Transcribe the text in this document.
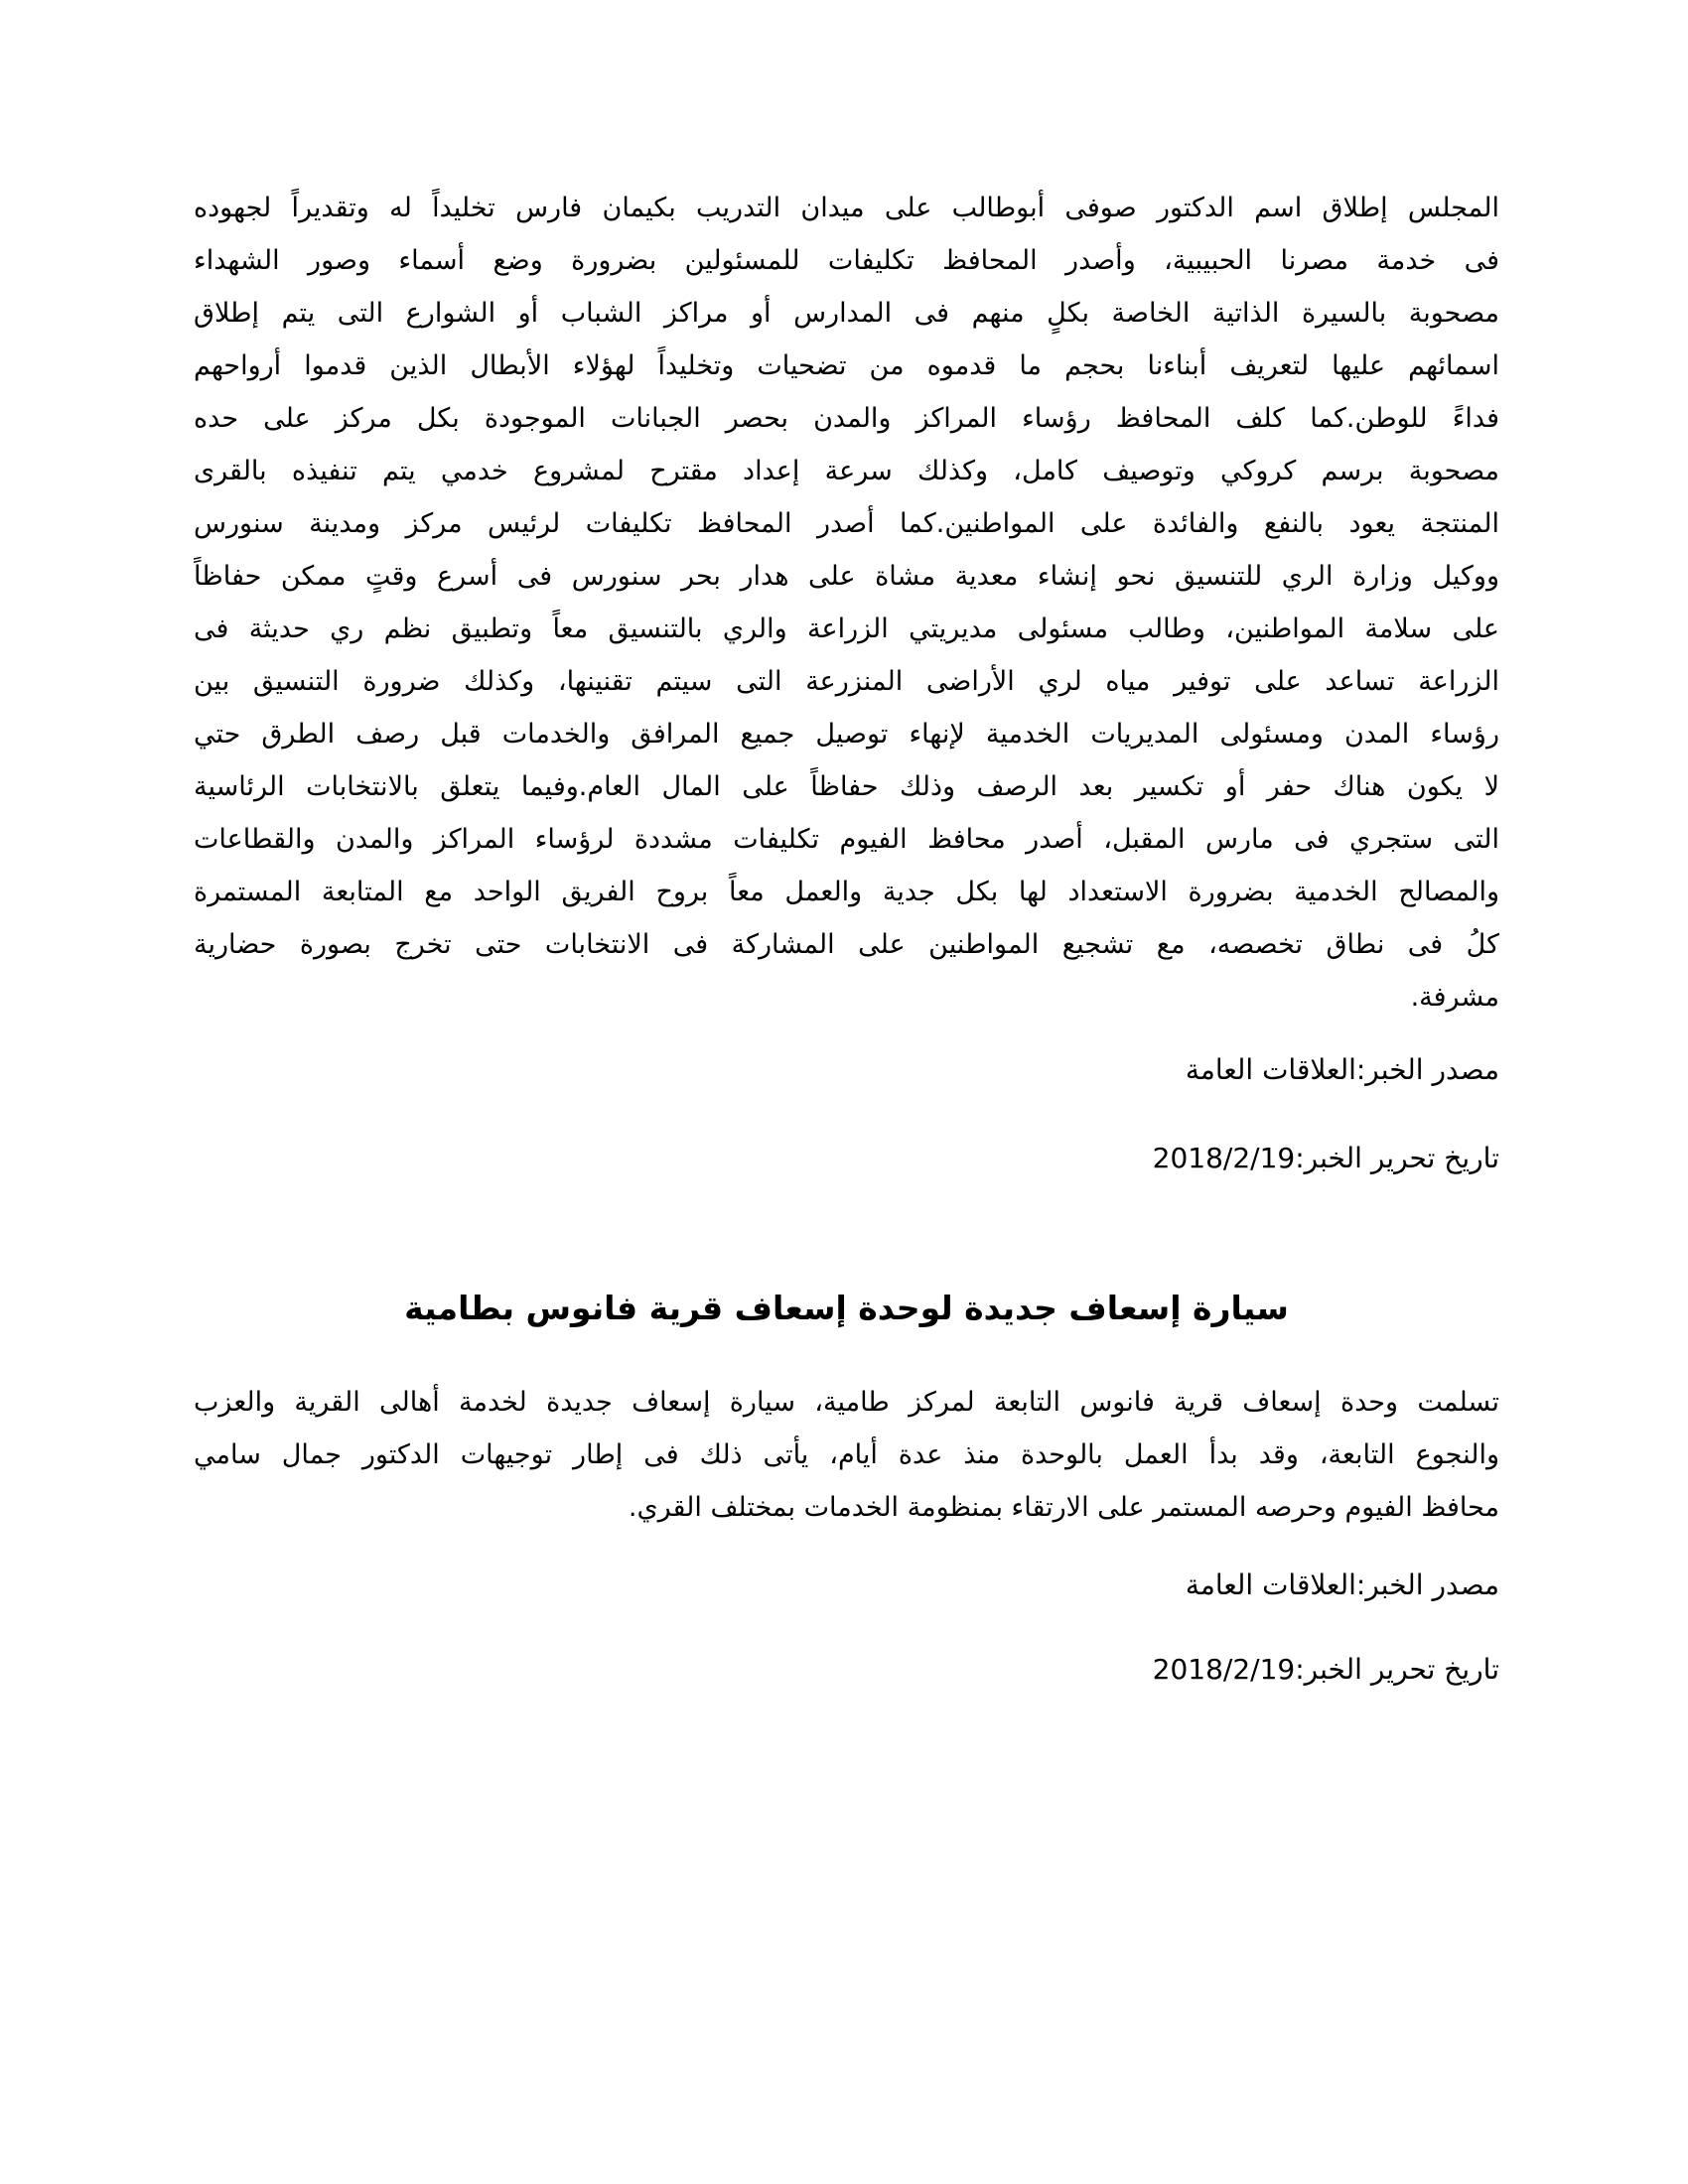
المجلس إطلاق اسم الدكتور صوفى أبوطالب على ميدان التدريب بكيمان فارس تخليداً له وتقديراً لجهوده
فى خدمة مصرنا الحبيبية، وأصدر المحافظ تكليفات للمسئولين بضرورة وضع أسماء وصور الشهداء
مصحوبة بالسيرة الذاتية الخاصة بكلٍ منهم فى المدارس أو مراكز الشباب أو الشوارع التى يتم إطلاق
اسمائهم عليها لتعريف أبناءنا بحجم ما قدموه من تضحيات وتخليداً لهؤلاء الأبطال الذين قدموا أرواحهم
فداءً للوطن.كما كلف المحافظ رؤساء المراكز والمدن بحصر الجبانات الموجودة بكل مركز على حده
مصحوبة برسم كروكي وتوصيف كامل، وكذلك سرعة إعداد مقترح لمشروع خدمي يتم تنفيذه بالقرى
المنتجة يعود بالنفع والفائدة على المواطنين.كما أصدر المحافظ تكليفات لرئيس مركز ومدينة سنورس
ووكيل وزارة الري للتنسيق نحو إنشاء معدية مشاة على هدار بحر سنورس فى أسرع وقتٍ ممكن حفاظاً
على سلامة المواطنين، وطالب مسئولى مديريتي الزراعة والري بالتنسيق معاً وتطبيق نظم ري حديثة فى
الزراعة تساعد على توفير مياه لري الأراضى المنزرعة التى سيتم تقنينها، وكذلك ضرورة التنسيق بين
رؤساء المدن ومسئولى المديريات الخدمية لإنهاء توصيل جميع المرافق والخدمات قبل رصف الطرق حتي
لا يكون هناك حفر أو تكسير بعد الرصف وذلك حفاظاً على المال العام.وفيما يتعلق بالانتخابات الرئاسية
التى ستجري فى مارس المقبل، أصدر محافظ الفيوم تكليفات مشددة لرؤساء المراكز والمدن والقطاعات
والمصالح الخدمية بضرورة الاستعداد لها بكل جدية والعمل معاً بروح الفريق الواحد مع المتابعة المستمرة
كلُ فى نطاق تخصصه، مع تشجيع المواطنين على المشاركة فى الانتخابات حتى تخرج بصورة حضارية
مشرفة.
مصدر الخبر:العلاقات العامة
تاريخ تحرير الخبر:2018/2/19
سيارة إسعاف جديدة لوحدة إسعاف قرية فانوس بطامية
تسلمت وحدة إسعاف قرية فانوس التابعة لمركز طامية، سيارة إسعاف جديدة لخدمة أهالى القرية والعزب
والنجوع التابعة، وقد بدأ العمل بالوحدة منذ عدة أيام، يأتى ذلك فى إطار توجيهات الدكتور جمال سامي
محافظ الفيوم وحرصه المستمر على الارتقاء بمنظومة الخدمات بمختلف القري.
مصدر الخبر:العلاقات العامة
تاريخ تحرير الخبر:2018/2/19
